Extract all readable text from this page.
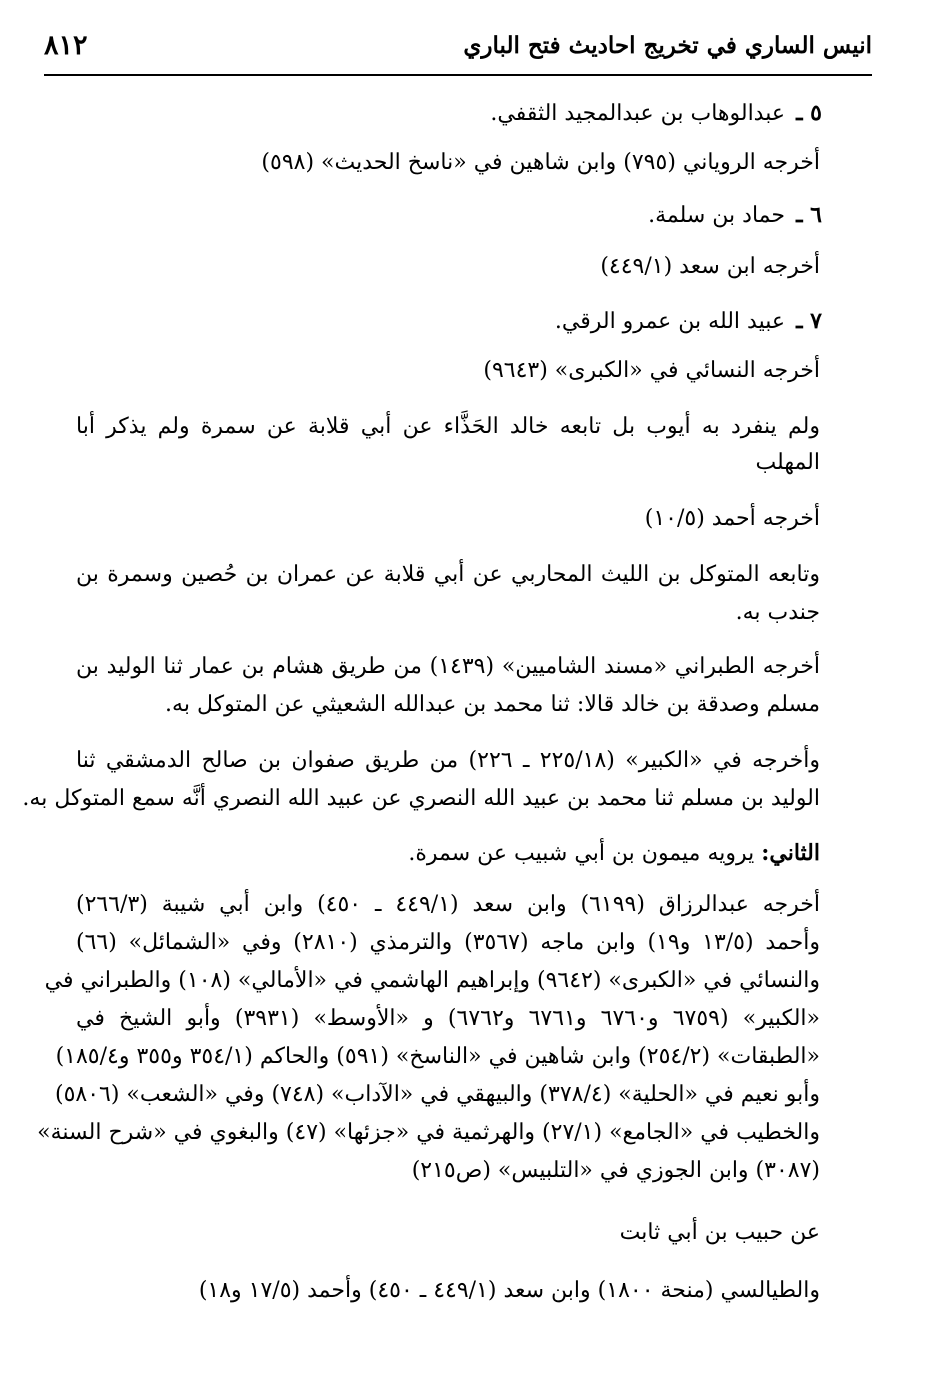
انيس الساري في تخريج احاديث فتح الباري
٨١٢
٥ ـ عبدالوهاب بن عبدالمجيد الثقفي.
أخرجه الروياني (٧٩٥) وابن شاهين في «ناسخ الحديث» (٥٩٨)
٦ ـ حماد بن سلمة.
أخرجه ابن سعد (٤٤٩/١)
٧ ـ عبيد الله بن عمرو الرقي.
أخرجه النسائي في «الكبرى» (٩٦٤٣)
ولم ينفرد به أيوب بل تابعه خالد الحَذَّاء عن أبي قلابة عن سمرة ولم يذكر أبا
المهلب
أخرجه أحمد (١٠/٥)
وتابعه المتوكل بن الليث المحاربي عن أبي قلابة عن عمران بن حُصين وسمرة بن
جندب به.
أخرجه الطبراني «مسند الشاميين» (١٤٣٩) من طريق هشام بن عمار ثنا الوليد بن
مسلم وصدقة بن خالد قالا: ثنا محمد بن عبدالله الشعيثي عن المتوكل به.
وأخرجه في «الكبير» (٢٢٥/١٨ ـ ٢٢٦) من طريق صفوان بن صالح الدمشقي ثنا
الوليد بن مسلم ثنا محمد بن عبيد الله النصري عن عبيد الله النصري أنَّه سمع المتوكل به.
الثاني: يرويه ميمون بن أبي شبيب عن سمرة.
أخرجه عبدالرزاق (٦١٩٩) وابن سعد (٤٤٩/١ ـ ٤٥٠) وابن أبي شيبة (٢٦٦/٣)
وأحمد (١٣/٥ و١٩) وابن ماجه (٣٥٦٧) والترمذي (٢٨١٠) وفي «الشمائل» (٦٦)
والنسائي في «الكبرى» (٩٦٤٢) وإبراهيم الهاشمي في «الأمالي» (١٠٨) والطبراني في
«الكبير» (٦٧٥٩ و٦٧٦٠ و٦٧٦١ و٦٧٦٢) و «الأوسط» (٣٩٣١) وأبو الشيخ في
«الطبقات» (٢٥٤/٢) وابن شاهين في «الناسخ» (٥٩١) والحاكم (٣٥٤/١ و٣٥٥ و١٨٥/٤)
وأبو نعيم في «الحلية» (٣٧٨/٤) والبيهقي في «الآداب» (٧٤٨) وفي «الشعب» (٥٨٠٦)
والخطيب في «الجامع» (٢٧/١) والهرثمية في «جزئها» (٤٧) والبغوي في «شرح السنة»
(٣٠٨٧) وابن الجوزي في «التلبيس» (ص٢١٥)
عن حبيب بن أبي ثابت
والطيالسي (منحة ١٨٠٠) وابن سعد (٤٤٩/١ ـ ٤٥٠) وأحمد (١٧/٥ و١٨)
